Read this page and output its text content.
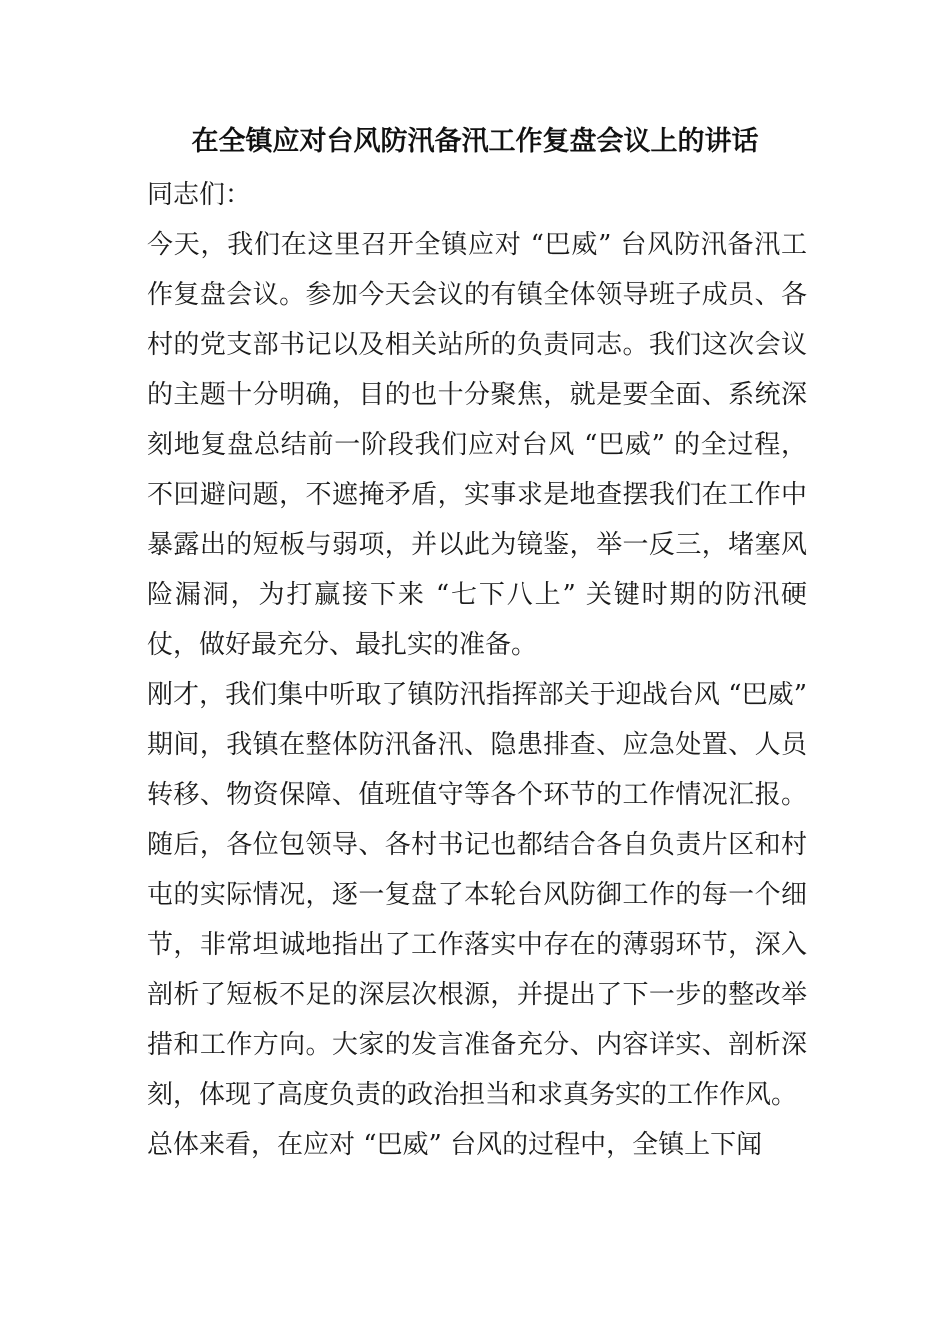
在全镇应对台风防汛备汛工作复盘会议上的讲话

同志们：

今天，我们在这里召开全镇应对 “巴威” 台风防汛备汛工作复盘会议。参加今天会议的有镇全体领导班子成员、各村的党支部书记以及相关站所的负责同志。我们这次会议的主题十分明确，目的也十分聚焦，就是要全面、系统深刻地复盘总结前一阶段我们应对台风 “巴威” 的全过程，不回避问题，不遮掩矛盾，实事求是地查摆我们在工作中暴露出的短板与弱项，并以此为镜鉴，举一反三，堵塞风险漏洞，为打赢接下来 “七下八上” 关键时期的防汛硬仗，做好最充分、最扎实的准备。

刚才，我们集中听取了镇防汛指挥部关于迎战台风 “巴威” 期间，我镇在整体防汛备汛、隐患排查、应急处置、人员转移、物资保障、值班值守等各个环节的工作情况汇报。随后，各位包领导、各村书记也都结合各自负责片区和村屯的实际情况，逐一复盘了本轮台风防御工作的每一个细节，非常坦诚地指出了工作落实中存在的薄弱环节，深入剖析了短板不足的深层次根源，并提出了下一步的整改举措和工作方向。大家的发言准备充分、内容详实、剖析深刻，体现了高度负责的政治担当和求真务实的工作作风。

总体来看，在应对 “巴威” 台风的过程中，全镇上下闻
